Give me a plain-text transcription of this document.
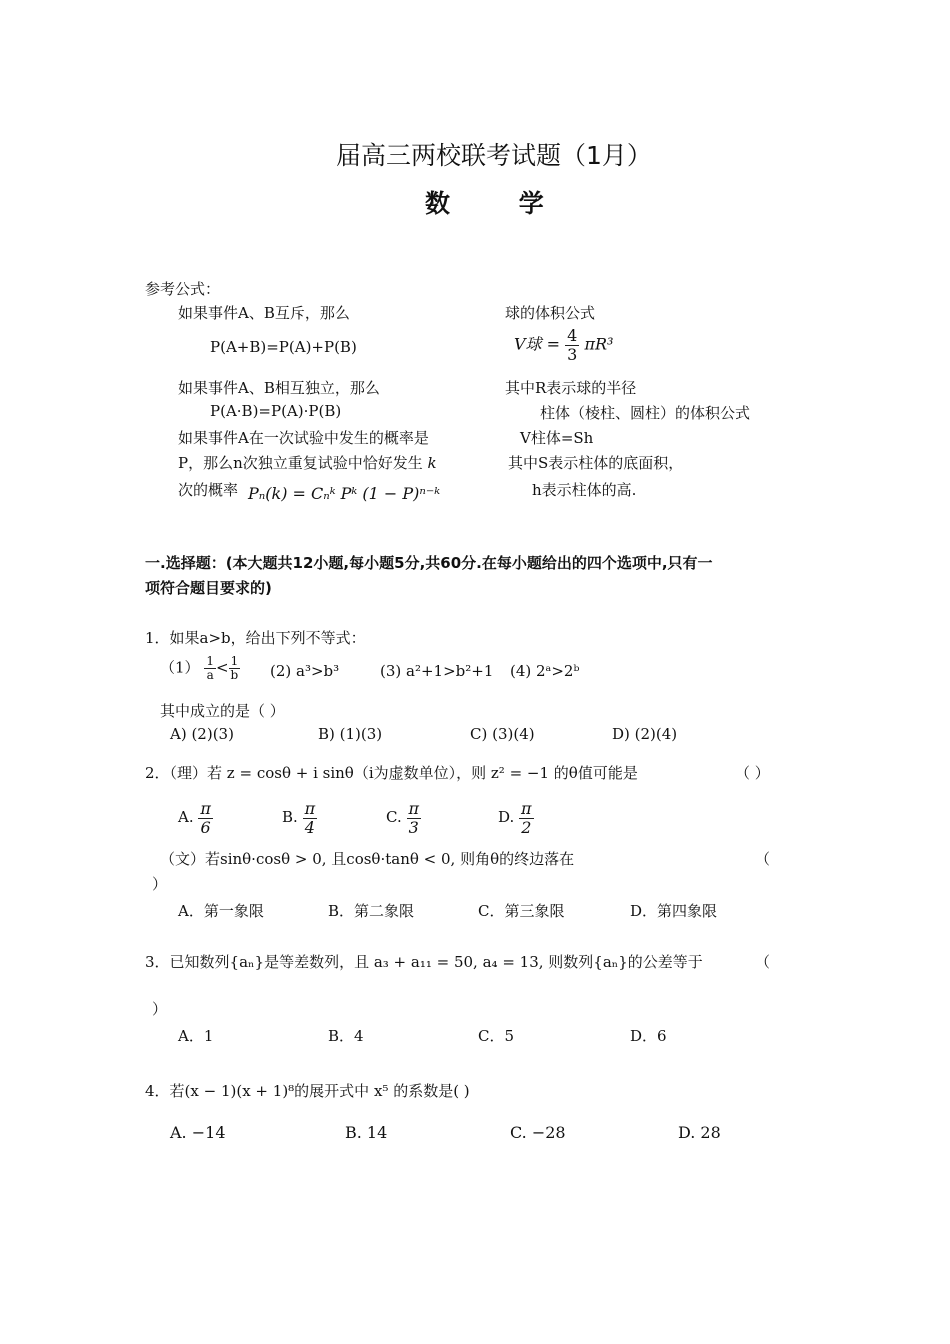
届高三两校联考试题（1月）
数 学
参考公式：
如果事件A、B互斥，那么
P(A+B)=P(A)+P(B)
如果事件A、B相互独立，那么
P(A·B)=P(A)·P(B)
如果事件A在一次试验中发生的概率是
P，那么n次独立重复试验中恰好发生 k
次的概率 Pₙ(k) = Cₙᵏ Pᵏ (1 − P)ⁿ⁻ᵏ
球的体积公式
V球 = $\frac{4}{3} \pi R^3$
其中R表示球的半径
柱体（棱柱、圆柱）的体积公式
V柱体=Sh
其中S表示柱体的底面积，
h表示柱体的高.
一.选择题：(本大题共12小题,每小题5分,共60分.在每小题给出的四个选项中,只有一
项符合题目要求的)
1．如果a>b，给出下列不等式：
$(1) \frac{1}{a} < \frac{1}{b} (2)$ a³>b³	(3) a²+1>b²+1 (4) 2ᵃ>2ᵇ
其中成立的是（ ）
A) (2)(3)	B) (1)(3)	C) (3)(4)	D) (2)(4)
2．（理）若 z = cosθ + i sinθ（i为虚数单位），则 z² = −1 的θ值可能是	（ ）
A. $\frac{\pi}{6}$	B. $\frac{\pi}{4}$	C. $\frac{\pi}{3}$	D. $\frac{\pi}{2}$
（文）若sinθ·cosθ > 0, 且cosθ·tanθ < 0, 则角θ的终边落在	（
）
A．第一象限	B．第二象限	C．第三象限	D．第四象限
3．已知数列{aₙ}是等差数列，且 a₃ + a₁₁ = 50, a₄ = 13, 则数列{aₙ}的公差等于	（
）
A．1	B．4	C．5	D．6
4．若(x − 1)(x + 1)⁸的展开式中 x⁵ 的系数是( )
A. −14	B. 14	C. −28	D. 28
